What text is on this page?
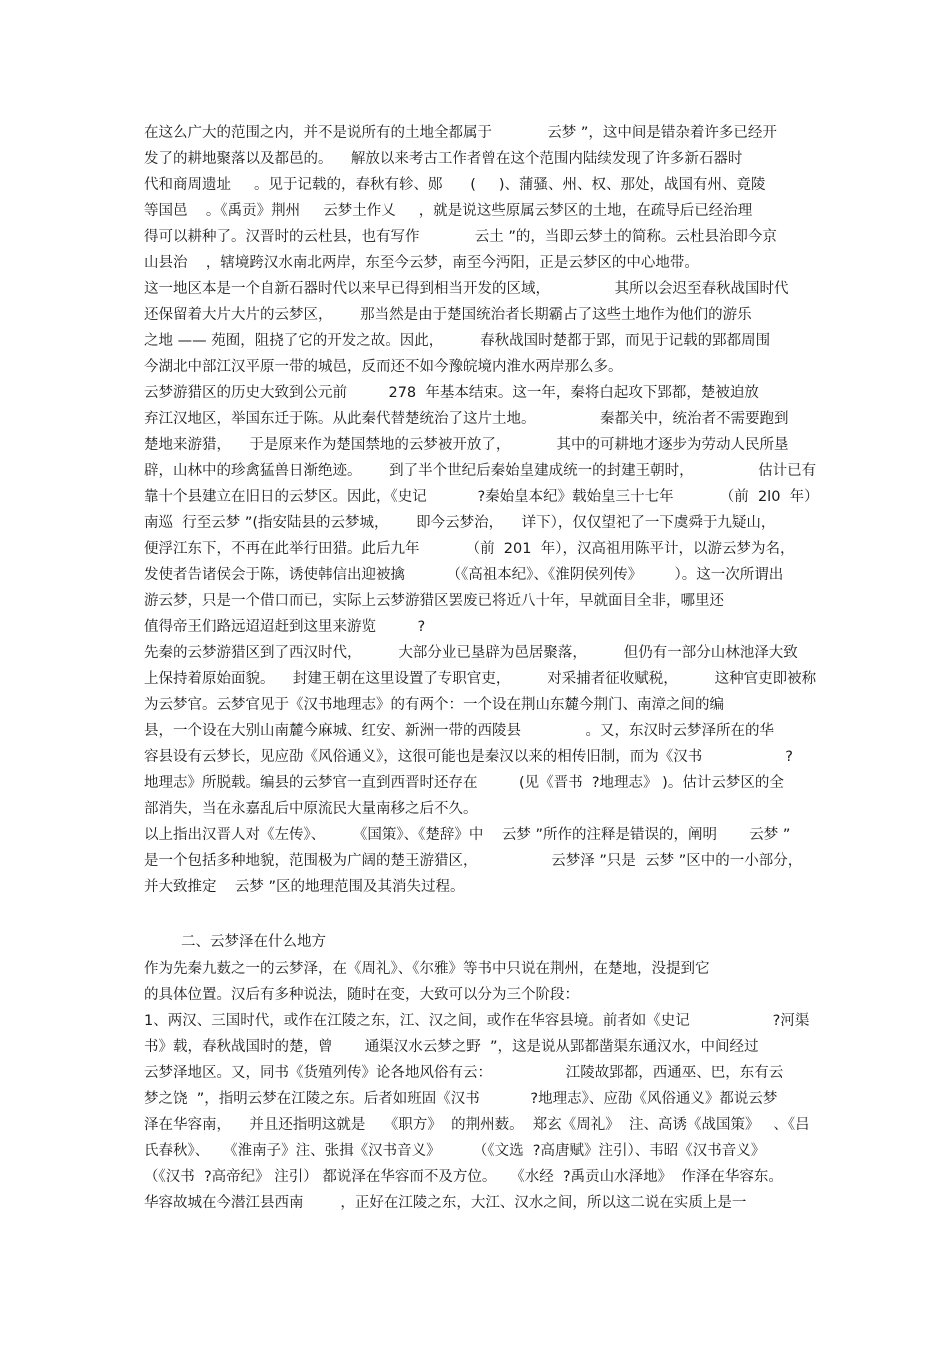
在这么广大的范围之内，并不是说所有的土地全都属于            云梦 ”，这中间是错杂着许多已经开
发了的耕地聚落以及都邑的。    解放以来考古工作者曾在这个范围内陆续发现了许多新石器时
代和商周遗址     。见于记载的，春秋有轸、郧      (     )、蒲骚、州、权、那处，战国有州、竟陵
等国邑    。《禹贡》荆州     云梦土作乂     ，就是说这些原属云梦区的土地，在疏导后已经治理
得可以耕种了。汉晋时的云杜县，也有写作            云土 ”的，当即云梦土的简称。云杜县治即今京
山县治    ，辖境跨汉水南北两岸，东至今云梦，南至今沔阳，正是云梦区的中心地带。
这一地区本是一个自新石器时代以来早已得到相当开发的区域，              其所以会迟至春秋战国时代
还保留着大片大片的云梦区，      那当然是由于楚国统治者长期霸占了这些土地作为他们的游乐
之地 —— 苑囿，阻挠了它的开发之故。因此，        春秋战国时楚都于郢，而见于记载的郢都周围
今湖北中部江汉平原一带的城邑，反而还不如今豫皖境内淮水两岸那么多。
云梦游猎区的历史大致到公元前         278  年基本结束。这一年，秦将白起攻下郢都，楚被迫放
弃江汉地区，举国东迁于陈。从此秦代替楚统治了这片土地。              秦都关中，统治者不需要跑到
楚地来游猎，    于是原来作为楚国禁地的云梦被开放了，          其中的可耕地才逐步为劳动人民所垦
辟，山林中的珍禽猛兽日渐绝迹。      到了半个世纪后秦始皇建成统一的封建王朝时，              估计已有
靠十个县建立在旧日的云梦区。因此，《史记           ?秦始皇本纪》载始皇三十七年          （前  2l0  年）
南巡  行至云梦 ”(指安陆县的云梦城，      即今云梦治，    详下），仅仅望祀了一下虞舜于九疑山，
便浮江东下，不再在此举行田猎。此后九年          （前  201  年），汉高祖用陈平计，以游云梦为名，
发使者告诸侯会于陈，诱使韩信出迎被擒         （《高祖本纪》、《淮阴侯列传》       ）。这一次所谓出
游云梦，只是一个借口而已，实际上云梦游猎区罢废已将近八十年，早就面目全非，哪里还
值得帝王们路远迢迢赶到这里来游览         ?
先秦的云梦游猎区到了西汉时代，        大部分业已垦辟为邑居聚落，        但仍有一部分山林池泽大致
上保持着原始面貌。    封建王朝在这里设置了专职官吏，        对采捕者征收赋税，        这种官吏即被称
为云梦官。云梦官见于《汉书地理志》的有两个：一个设在荆山东麓今荆门、南漳之间的编
县，一个设在大别山南麓今麻城、红安、新洲一带的西陵县              。又，东汉时云梦泽所在的华
容县设有云梦长，见应劭《风俗通义》，这很可能也是秦汉以来的相传旧制，而为《汉书                  ?
地理志》所脱载。编县的云梦官一直到西晋时还存在         (见《晋书  ?地理志》 )。估计云梦区的全
部消失，当在永嘉乱后中原流民大量南移之后不久。
以上指出汉晋人对《左传》、      《国策》、《楚辞》中    云梦 ”所作的注释是错误的，阐明       云梦 ”
是一个包括多种地貌，范围极为广阔的楚王游猎区，                云梦泽 ”只是  云梦 ”区中的一小部分，
并大致推定    云梦 ”区的地理范围及其消失过程。
二、云梦泽在什么地方
作为先秦九薮之一的云梦泽，在《周礼》、《尔雅》等书中只说在荆州，在楚地，没提到它
的具体位置。汉后有多种说法，随时在变，大致可以分为三个阶段：
1、两汉、三国时代，或作在江陵之东，江、汉之间，或作在华容县境。前者如《史记                  ?河渠
书》载，春秋战国时的楚，曾       通渠汉水云梦之野  ”，这是说从郢都凿渠东通汉水，中间经过
云梦泽地区。又，同书《货殖列传》论各地风俗有云：                江陵故郢都，西通巫、巴，东有云
梦之饶  ”，指明云梦在江陵之东。后者如班固《汉书           ?地理志》、应劭《风俗通义》都说云梦
泽在华容南，    并且还指明这就是    《职方》  的荆州薮。  郑玄《周礼》  注、高诱《战国策》   、《吕
氏春秋》、   《淮南子》注、张揖《汉书音义》       （《文选  ?高唐赋》注引）、韦昭《汉书音义》
（《汉书  ?高帝纪》 注引） 都说泽在华容而不及方位。   《水经  ?禹贡山水泽地》  作泽在华容东。
华容故城在今潜江县西南        ，正好在江陵之东，大江、汉水之间，所以这二说在实质上是一
